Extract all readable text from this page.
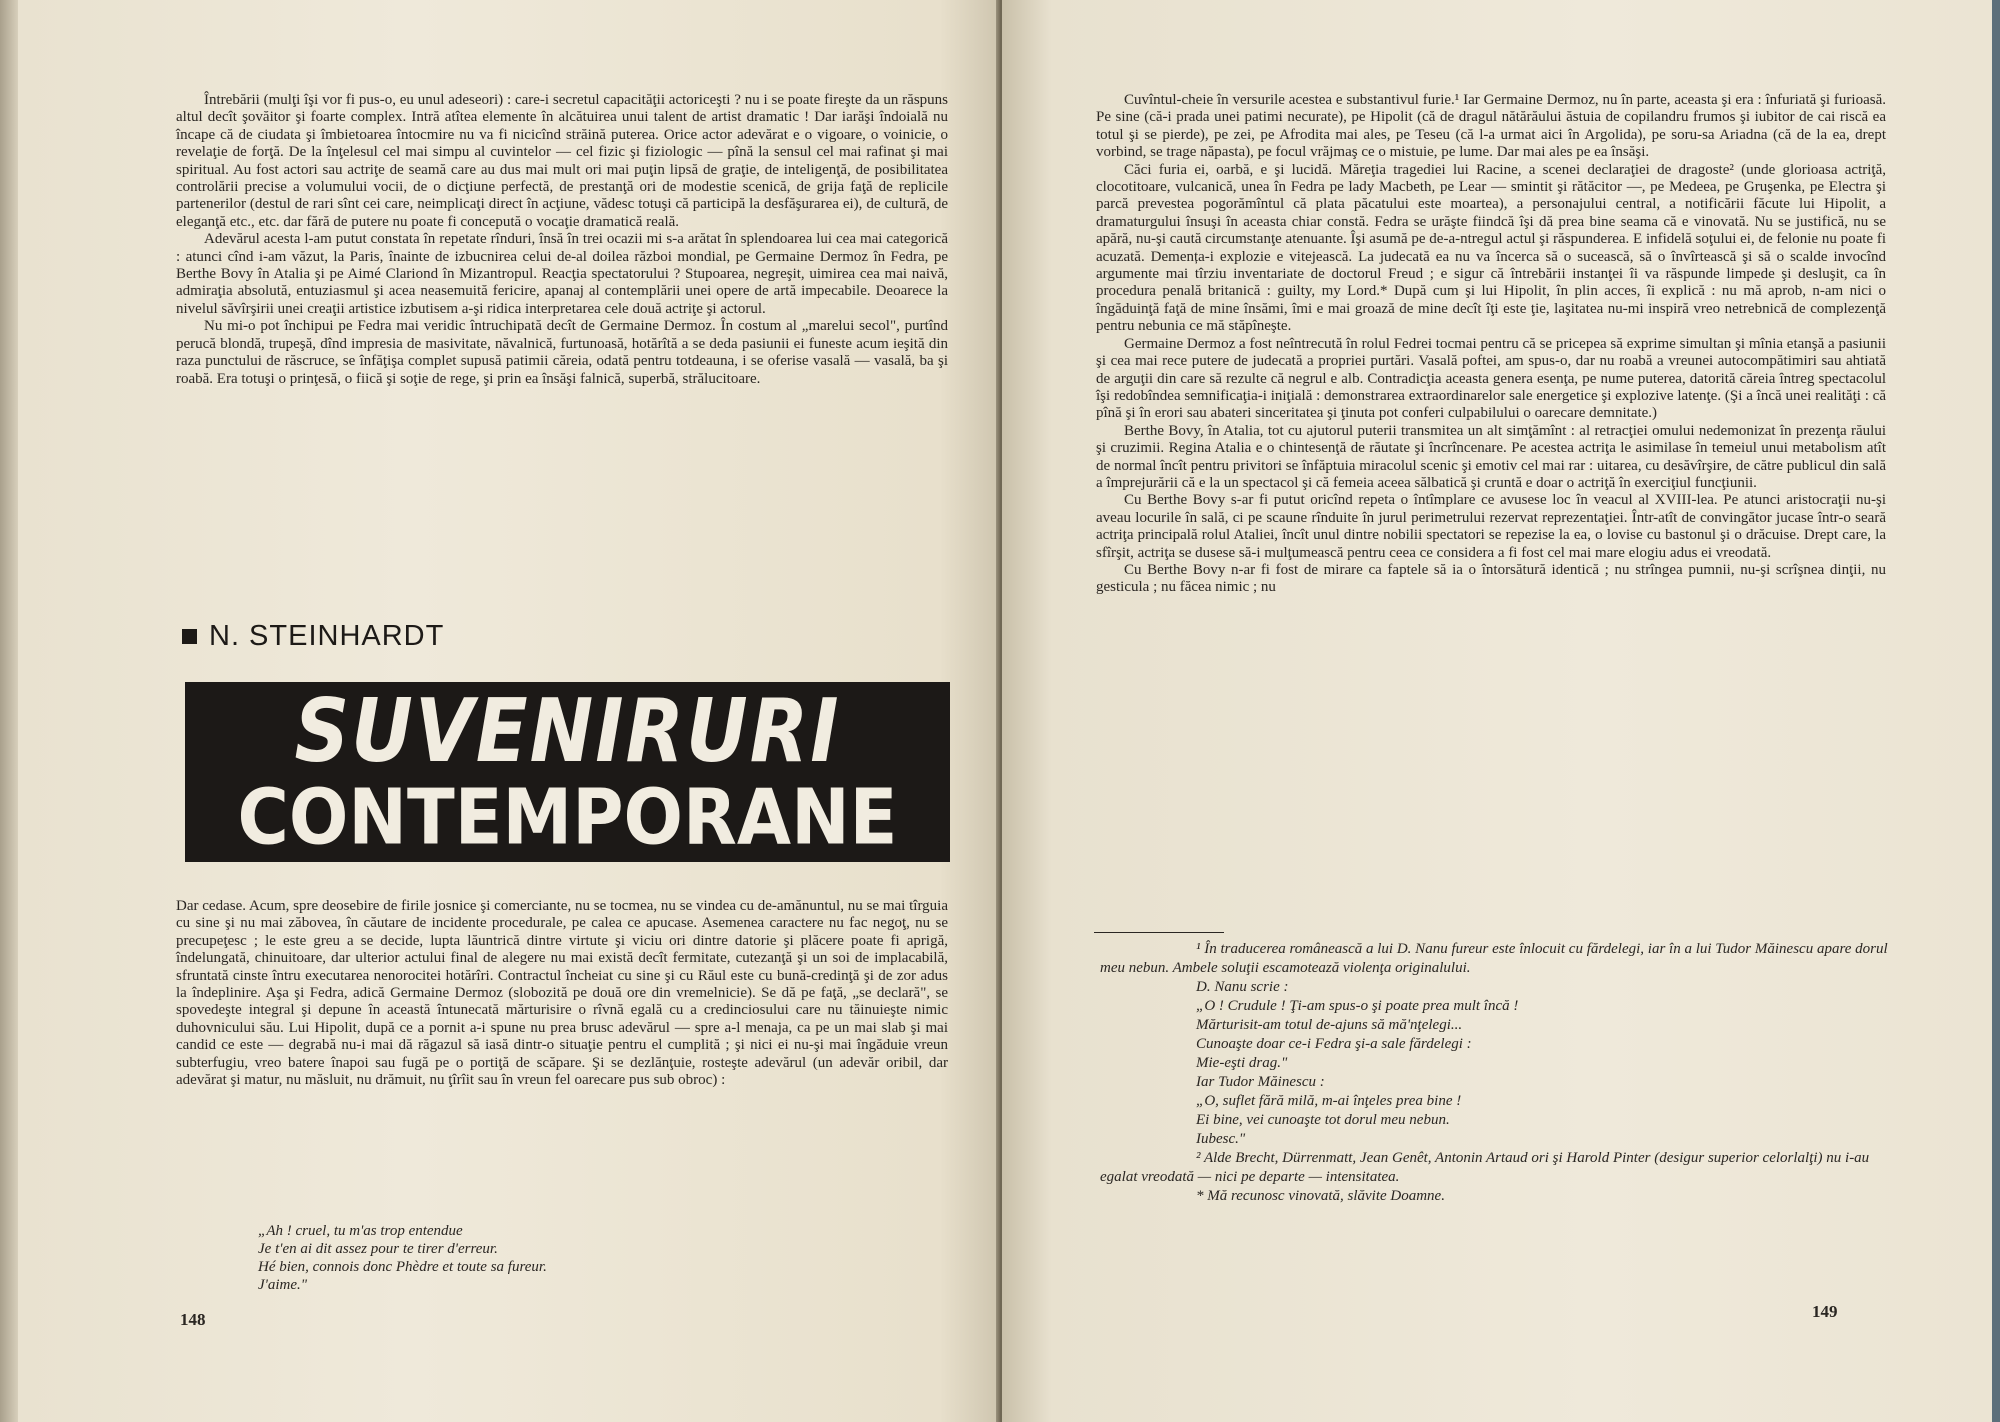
Întrebării (mulţi îşi vor fi pus-o, eu unul adeseori) : care-i secretul capacităţii actoriceşti ? nu i se poate fireşte da un răspuns altul decît şovăitor şi foarte complex. Intră atîtea elemente în alcătuirea unui talent de artist dramatic ! Dar iarăşi îndoială nu încape că de ciudata şi îmbietoarea întocmire nu va fi nicicînd străină puterea. Orice actor adevărat e o vigoare, o voinicie, o revelaţie de forţă. De la înţelesul cel mai simpu al cuvintelor — cel fizic şi fiziologic — pînă la sensul cel mai rafinat şi mai spiritual. Au fost actori sau actriţe de seamă care au dus mai mult ori mai puţin lipsă de graţie, de inteligenţă, de posibilitatea controlării precise a volumului vocii, de o dicţiune perfectă, de prestanţă ori de modestie scenică, de grija faţă de replicile partenerilor (destul de rari sînt cei care, neimplicaţi direct în acţiune, vădesc totuşi că participă la desfăşurarea ei), de cultură, de eleganţă etc., etc. dar fără de putere nu poate fi concepută o vocaţie dramatică reală.

Adevărul acesta l-am putut constata în repetate rînduri, însă în trei ocazii mi s-a arătat în splendoarea lui cea mai categorică : atunci cînd i-am văzut, la Paris, înainte de izbucnirea celui de-al doilea război mondial, pe Germaine Dermoz în Fedra, pe Berthe Bovy în Atalia şi pe Aimé Clariond în Mizantropul. Reacţia spectatorului ? Stupoarea, negreşit, uimirea cea mai naivă, admiraţia absolută, entuziasmul şi acea neasemuită fericire, apanaj al contemplării unei opere de artă impecabile. Deoarece la nivelul săvîrşirii unei creaţii artistice izbutisem a-şi ridica interpretarea cele două actriţe şi actorul.

Nu mi-o pot închipui pe Fedra mai veridic întruchipată decît de Germaine Dermoz. În costum al „marelui secol", purtînd perucă blondă, trupeşă, dînd impresia de masivitate, năvalnică, furtunoasă, hotărîtă a se deda pasiunii ei funeste acum ieşită din raza punctului de răscruce, se înfăţişa complet supusă patimii căreia, odată pentru totdeauna, i se oferise vasală — vasală, ba şi roabă. Era totuşi o prinţesă, o fiică şi soţie de rege, şi prin ea însăşi falnică, superbă, strălucitoare.

N. STEINHARDT
SUVENIRURI
CONTEMPORANE

Dar cedase. Acum, spre deosebire de firile josnice şi comerciante, nu se tocmea, nu se vindea cu de-amănuntul, nu se mai tîrguia cu sine şi nu mai zăbovea, în căutare de incidente procedurale, pe calea ce apucase. Asemenea caractere nu fac negoţ, nu se precupeţesc ; le este greu a se decide, lupta lăuntrică dintre virtute şi viciu ori dintre datorie şi plăcere poate fi aprigă, îndelungată, chinuitoare, dar ulterior actului final de alegere nu mai există decît fermitate, cutezanţă şi un soi de implacabilă, sfruntată cinste întru executarea nenorocitei hotărîri. Contractul încheiat cu sine şi cu Răul este cu bună-credinţă şi de zor adus la îndeplinire. Aşa şi Fedra, adică Germaine Dermoz (slobozită pe două ore din vremelnicie). Se dă pe faţă, „se declară", se spovedeşte integral şi depune în această întunecată mărturisire o rîvnă egală cu a credinciosului care nu tăinuieşte nimic duhovnicului său. Lui Hipolit, după ce a pornit a-i spune nu prea brusc adevărul — spre a-l menaja, ca pe un mai slab şi mai candid ce este — degrabă nu-i mai dă răgazul să iasă dintr-o situaţie pentru el cumplită ; şi nici ei nu-şi mai îngăduie vreun subterfugiu, vreo batere înapoi sau fugă pe o portiţă de scăpare. Şi se dezlănţuie, rosteşte adevărul (un adevăr oribil, dar adevărat şi matur, nu măsluit, nu drămuit, nu ţîrîit sau în vreun fel oarecare pus sub obroc) :

„Ah ! cruel, tu m'as trop entendue
Je t'en ai dit assez pour te tirer d'erreur.
Hé bien, connois donc Phèdre et toute sa fureur.
J'aime."
148

Cuvîntul-cheie în versurile acestea e substantivul furie.¹ Iar Germaine Dermoz, nu în parte, aceasta şi era : înfuriată şi furioasă. Pe sine (că-i prada unei patimi necurate), pe Hipolit (că de dragul nătărăului ăstuia de copilandru frumos şi iubitor de cai riscă ea totul şi se pierde), pe zei, pe Afrodita mai ales, pe Teseu (că l-a urmat aici în Argolida), pe soru-sa Ariadna (că de la ea, drept vorbind, se trage năpasta), pe focul vrăjmaş ce o mistuie, pe lume. Dar mai ales pe ea însăşi.

Căci furia ei, oarbă, e şi lucidă. Măreţia tragediei lui Racine, a scenei declaraţiei de dragoste² (unde glorioasa actriţă, clocotitoare, vulcanică, unea în Fedra pe lady Macbeth, pe Lear — smintit şi rătăcitor —, pe Medeea, pe Gruşenka, pe Electra şi parcă prevestea pogorămîntul că plata păcatului este moartea), a personajului central, a notificării făcute lui Hipolit, a dramaturgului însuşi în aceasta chiar constă. Fedra se urăşte fiindcă îşi dă prea bine seama că e vinovată. Nu se justifică, nu se apără, nu-şi caută circumstanţe atenuante. Îşi asumă pe de-a-ntregul actul şi răspunderea. E infidelă soţului ei, de felonie nu poate fi acuzată. Demența-i explozie e vitejească. La judecată ea nu va încerca să o sucească, să o învîrtească şi să o scalde invocînd argumente mai tîrziu inventariate de doctorul Freud ; e sigur că întrebării instanţei îi va răspunde limpede şi desluşit, ca în procedura penală britanică : guilty, my Lord.* După cum şi lui Hipolit, în plin acces, îi explică : nu mă aprob, n-am nici o îngăduinţă faţă de mine însămi, îmi e mai groază de mine decît îţi este ţie, laşitatea nu-mi inspiră vreo netrebnică de complezenţă pentru nebunia ce mă stăpîneşte.

Germaine Dermoz a fost neîntrecută în rolul Fedrei tocmai pentru că se pricepea să exprime simultan şi mînia etanşă a pasiunii şi cea mai rece putere de judecată a propriei purtări. Vasală poftei, am spus-o, dar nu roabă a vreunei autocompătimiri sau ahtiată de arguţii din care să rezulte că negrul e alb. Contradicţia aceasta genera esenţa, pe nume puterea, datorită căreia întreg spectacolul îşi redobîndea semnificaţia-i iniţială : demonstrarea extraordinarelor sale energetice şi explozive latenţe. (Şi a încă unei realităţi : că pînă şi în erori sau abateri sinceritatea şi ţinuta pot conferi culpabilului o oarecare demnitate.)

Berthe Bovy, în Atalia, tot cu ajutorul puterii transmitea un alt simţămînt : al retracţiei omului nedemonizat în prezenţa răului şi cruzimii. Regina Atalia e o chintesenţă de răutate şi încrîncenare. Pe acestea actriţa le asimilase în temeiul unui metabolism atît de normal încît pentru privitori se înfăptuia miracolul scenic şi emotiv cel mai rar : uitarea, cu desăvîrşire, de către publicul din sală a împrejurării că e la un spectacol şi că femeia aceea sălbatică şi cruntă e doar o actriţă în exerciţiul funcţiunii.

Cu Berthe Bovy s-ar fi putut oricînd repeta o întîmplare ce avusese loc în veacul al XVIII-lea. Pe atunci aristocraţii nu-şi aveau locurile în sală, ci pe scaune rînduite în jurul perimetrului rezervat reprezentaţiei. Într-atît de convingător jucase într-o seară actriţa principală rolul Ataliei, încît unul dintre nobilii spectatori se repezise la ea, o lovise cu bastonul şi o drăcuise. Drept care, la sfîrşit, actriţa se dusese să-i mulţumească pentru ceea ce considera a fi fost cel mai mare elogiu adus ei vreodată.

Cu Berthe Bovy n-ar fi fost de mirare ca faptele să ia o întorsătură identică ; nu strîngea pumnii, nu-şi scrîşnea dinţii, nu gesticula ; nu făcea nimic ; nu

¹ În traducerea românească a lui D. Nanu fureur este înlocuit cu fărdelegi, iar în a lui Tudor Măinescu apare dorul meu nebun. Ambele soluţii escamotează violenţa originalului.

D. Nanu scrie :

„O ! Crudule ! Ţi-am spus-o şi poate prea mult încă !

Mărturisit-am totul de-ajuns să mă'nţelegi...

Cunoaşte doar ce-i Fedra şi-a sale fărdelegi :

Mie-eşti drag."

Iar Tudor Măinescu :

„O, suflet fără milă, m-ai înţeles prea bine !

Ei bine, vei cunoaşte tot dorul meu nebun.

Iubesc."

² Alde Brecht, Dürrenmatt, Jean Genêt, Antonin Artaud ori şi Harold Pinter (desigur superior celorlalţi) nu i-au egalat vreodată — nici pe departe — intensitatea.

* Mă recunosc vinovată, slăvite Doamne.

149
